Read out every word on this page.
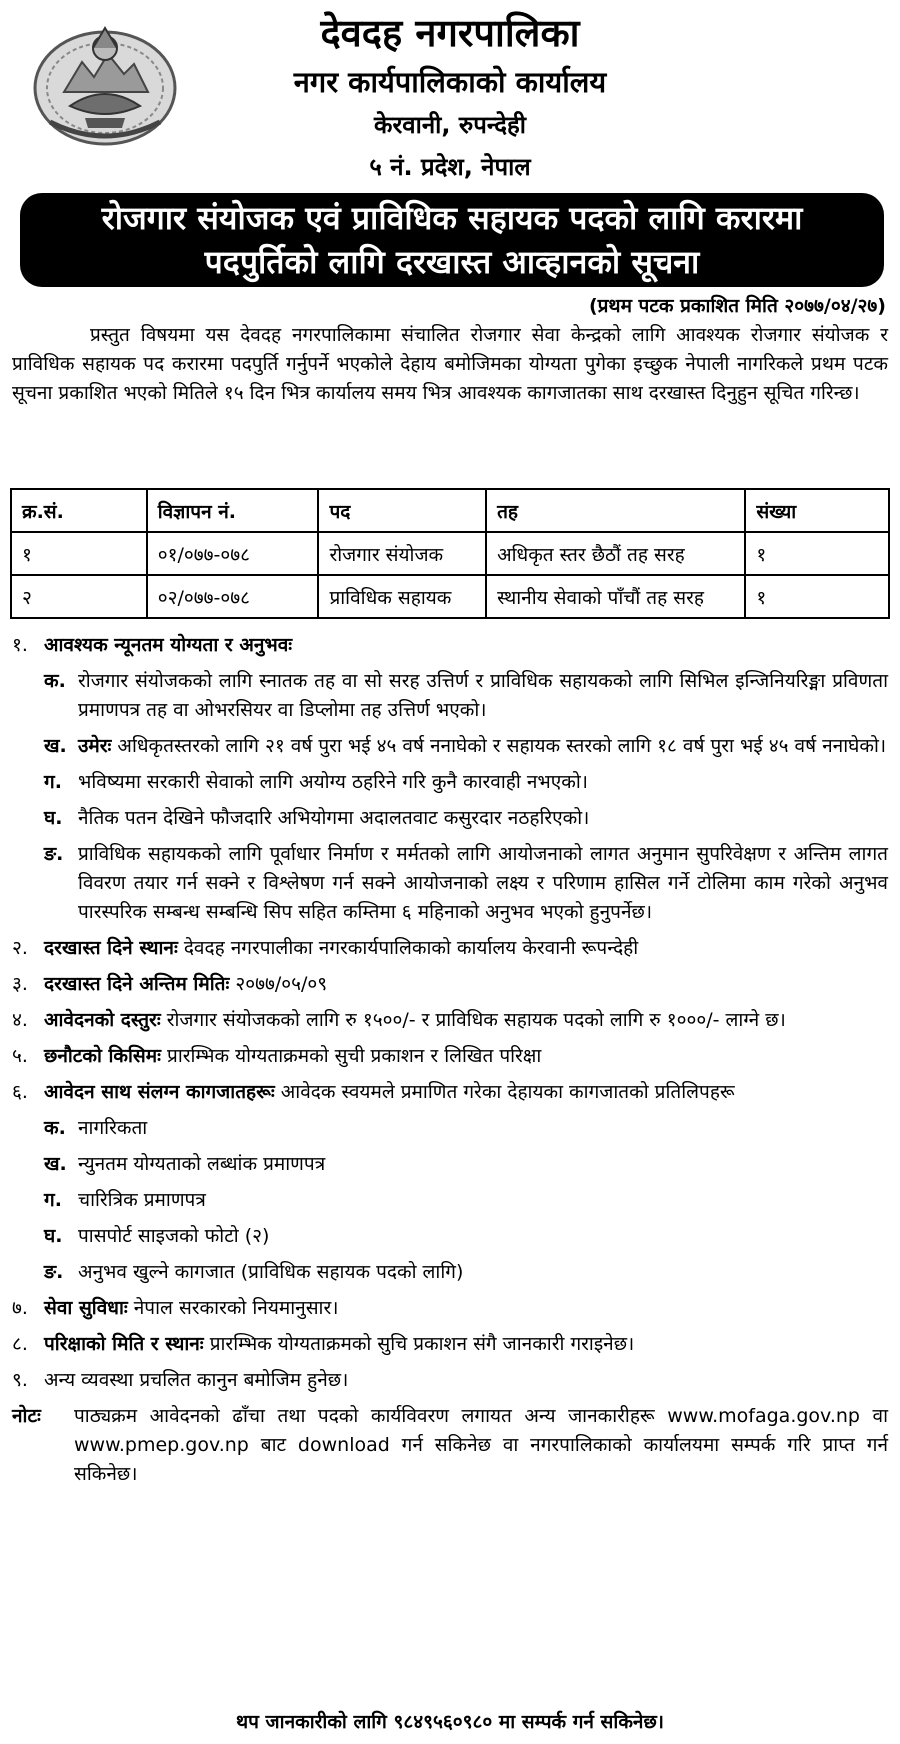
देवदह नगरपालिका
नगर कार्यपालिकाको कार्यालय
केरवानी, रुपन्देही
५ नं. प्रदेश, नेपाल
रोजगार संयोजक एवं प्राविधिक सहायक पदको लागि करारमा
पदपुर्तिको लागि दरखास्त आव्हानको सूचना
(प्रथम पटक प्रकाशित मिति २०७७/०४/२७)
प्रस्तुत विषयमा यस देवदह नगरपालिकामा संचालित रोजगार सेवा केन्द्रको लागि आवश्यक रोजगार संयोजक र प्राविधिक सहायक पद करारमा पदपुर्ति गर्नुपर्ने भएकोले देहाय बमोजिमका योग्यता पुगेका इच्छुक नेपाली नागरिकले प्रथम पटक सूचना प्रकाशित भएको मितिले १५ दिन भित्र कार्यालय समय भित्र आवश्यक कागजातका साथ दरखास्त दिनुहुन सूचित गरिन्छ।
क्र.सं.	विज्ञापन नं.	पद	तह	संख्या
१	०१/०७७-०७८	रोजगार संयोजक	अधिकृत स्तर छैठौं तह सरह	१
२	०२/०७७-०७८	प्राविधिक सहायक	स्थानीय सेवाको पाँचौं तह सरह	१
१. आवश्यक न्यूनतम योग्यता र अनुभवः
क. रोजगार संयोजकको लागि स्नातक तह वा सो सरह उत्तिर्ण र प्राविधिक सहायकको लागि सिभिल इन्जिनियरिङ्मा प्रविणता प्रमाणपत्र तह वा ओभरसियर वा डिप्लोमा तह उत्तिर्ण भएको।
ख. उमेरः अधिकृतस्तरको लागि २१ वर्ष पुरा भई ४५ वर्ष ननाघेको र सहायक स्तरको लागि १८ वर्ष पुरा भई ४५ वर्ष ननाघेको।
ग. भविष्यमा सरकारी सेवाको लागि अयोग्य ठहरिने गरि कुनै कारवाही नभएको।
घ. नैतिक पतन देखिने फौजदारि अभियोगमा अदालतवाट कसुरदार नठहरिएको।
ङ. प्राविधिक सहायकको लागि पूर्वाधार निर्माण र मर्मतको लागि आयोजनाको लागत अनुमान सुपरिवेक्षण र अन्तिम लागत विवरण तयार गर्न सक्ने र विश्लेषण गर्न सक्ने आयोजनाको लक्ष्य र परिणाम हासिल गर्ने टोलिमा काम गरेको अनुभव पारस्परिक सम्बन्ध सम्बन्धि सिप सहित कम्तिमा ६ महिनाको अनुभव भएको हुनुपर्नेछ।
२. दरखास्त दिने स्थानः देवदह नगरपालीका नगरकार्यपालिकाको कार्यालय केरवानी रूपन्देही
३. दरखास्त दिने अन्तिम मितिः २०७७/०५/०९
४. आवेदनको दस्तुरः रोजगार संयोजकको लागि रु १५००/- र प्राविधिक सहायक पदको लागि रु १०००/- लाग्ने छ।
५. छनौटको किसिमः प्रारम्भिक योग्यताक्रमको सुची प्रकाशन र लिखित परिक्षा
६. आवेदन साथ संलग्न कागजातहरूः आवेदक स्वयमले प्रमाणित गरेका देहायका कागजातको प्रतिलिपहरू
क. नागरिकता
ख. न्युनतम योग्यताको लब्धांक प्रमाणपत्र
ग. चारित्रिक प्रमाणपत्र
घ. पासपोर्ट साइजको फोटो (२)
ङ. अनुभव खुल्ने कागजात (प्राविधिक सहायक पदको लागि)
७. सेवा सुविधाः नेपाल सरकारको नियमानुसार।
८. परिक्षाको मिति र स्थानः प्रारम्भिक योग्यताक्रमको सुचि प्रकाशन संगै जानकारी गराइनेछ।
९. अन्य व्यवस्था प्रचलित कानुन बमोजिम हुनेछ।
नोटः	पाठ्यक्रम आवेदनको ढाँचा तथा पदको कार्यविवरण लगायत अन्य जानकारीहरू www.mofaga.gov.np वा www.pmep.gov.np बाट download गर्न सकिनेछ वा नगरपालिकाको कार्यालयमा सम्पर्क गरि प्राप्त गर्न सकिनेछ।
थप जानकारीको लागि ९८४९५६०९८० मा सम्पर्क गर्न सकिनेछ।
